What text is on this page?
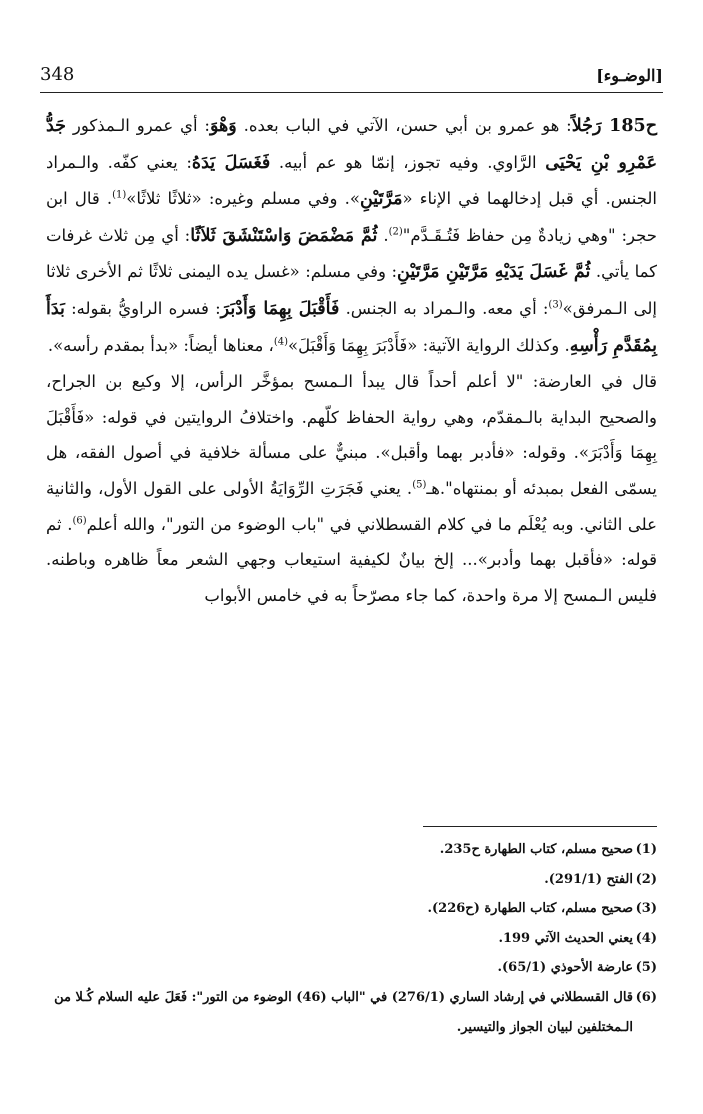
348	[الوضـوء]

ح185 رَجُلاً: هو عمرو بن أبي حسن، الآتي في الباب بعده. وَهْوَ: أي عمرو الـمذكور جَدُّ عَمْرِو بْنِ يَحْيَى الرَّاوي. وفيه تجوز، إنمّا هو عم أبيه. فَغَسَلَ يَدَهُ: يعني كفّه. والـمراد الجنس. أي قبل إدخالهما في الإناء «مَرَّتَيْنِ». وفي مسلم وغيره: «ثلاثًا ثلاثًا»$^{(1)}$. قال ابن حجر: "وهي زيادةٌ مِن حفاظ فَتُـقَـدَّم"$^{(2)}$. ثُمَّ مَضْمَضَ وَاسْتَنْشَقَ ثَلاَثًا: أي مِن ثلاث غرفات كما يأتي. ثُمَّ غَسَلَ يَدَيْهِ مَرَّتَيْنِ مَرَّتَيْنِ: وفي مسلم: «غسل يده اليمنى ثلاثًا ثم الأخرى ثلاثا إلى الـمرفق»$^{(3)}$: أي معه. والـمراد به الجنس. فَأَقْبَلَ بِهِمَا وَأَدْبَرَ: فسره الراويُّ بقوله: بَدَأَ بِمُقَدَّمِ رَأْسِهِ. وكذلك الرواية الآتية: «فَأَدْبَرَ بِهِمَا وَأَقْبَلَ»$^{(4)}$، معناها أيضاً: «بدأ بمقدم رأسه».

قال في العارضة: "لا أعلم أحداً قال يبدأ الـمسح بمؤخَّر الرأس، إلا وكيع بن الجراح، والصحيح البداية بالـمقدّم، وهي رواية الحفاظ كلّهم. واختلافُ الروايتين في قوله: «فَأَقْبَلَ بِهِمَا وَأَدْبَرَ». وقوله: «فأدبر بهما وأقبل». مبنيٌّ على مسألة خلافية في أصول الفقه، هل يسمّى الفعل بمبدئه أو بمنتهاه".هـ$^{(5)}$. يعني فَجَرَتِ الرِّوَايَةُ الأولى على القول الأول، والثانية على الثاني. وبه يُعْلَم ما في كلام القسطلاني في "باب الوضوء من التور"، والله أعلم$^{(6)}$. ثم قوله: «فأقبل بهما وأدبر»... إلخ بيانٌ لكيفية استيعاب وجهي الشعر معاً ظاهره وباطنه. فليس الـمسح إلا مرة واحدة، كما جاء مصرّحاً به في خامس الأبواب

(1)
صحيح مسلم، كتاب الطهارة ح235.
(2)
الفتح (291/1).
(3)
صحيح مسلم، كتاب الطهارة (ح226).
(4)
يعني الحديث الآتي 199.
(5)
عارضة الأحوذي (65/1).
(6)
قال القسطلاني في إرشاد الساري (276/1) في "الباب (46) الوضوء من التور": فَعَلَ عليه السلام كُـلا من
الـمختلفين لبيان الجواز والتيسير.
